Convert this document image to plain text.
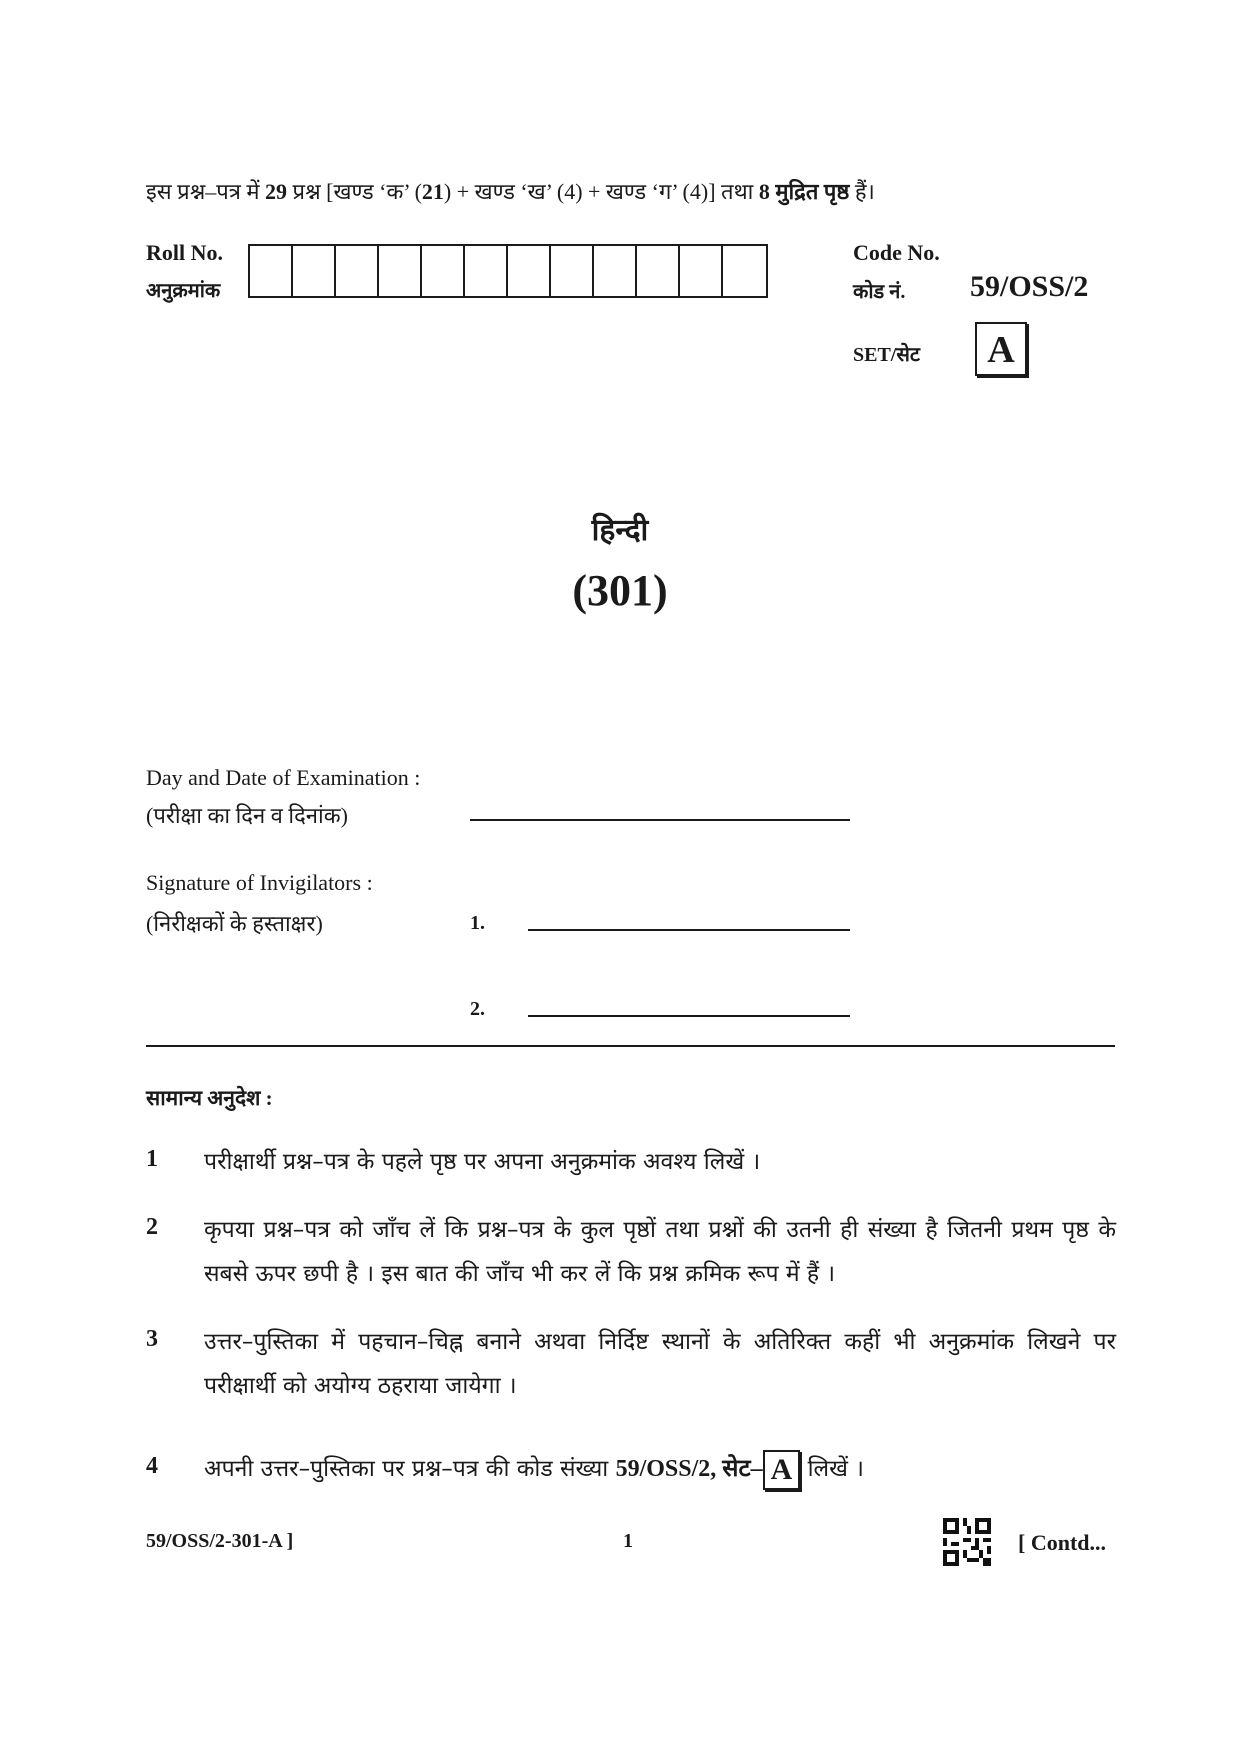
इस प्रश्न–पत्र में 29 प्रश्न [खण्ड ‘क’ (21) + खण्ड ‘ख’ (4) + खण्ड ‘ग’ (4)] तथा 8 मुद्रित पृष्ठ हैं।
Roll No.
अनुक्रमांक
Code No.
कोड नं. 59/OSS/2
SET/सेट	A
हिन्दी
(301)
Day and Date of Examination :
(परीक्षा का दिन व दिनांक)
Signature of Invigilators :
(निरीक्षकों के हस्ताक्षर)	1.
2.
सामान्य अनुदेश :
1 परीक्षार्थी प्रश्न–पत्र के पहले पृष्ठ पर अपना अनुक्रमांक अवश्य लिखें ।
2 कृपया प्रश्न–पत्र को जाँच लें कि प्रश्न–पत्र के कुल पृष्ठों तथा प्रश्नों की उतनी ही संख्या है जितनी प्रथम पृष्ठ के सबसे ऊपर छपी है । इस बात की जाँच भी कर लें कि प्रश्न क्रमिक रूप में हैं ।
3 उत्तर–पुस्तिका में पहचान–चिह्न बनाने अथवा निर्दिष्ट स्थानों के अतिरिक्त कहीं भी अनुक्रमांक लिखने पर परीक्षार्थी को अयोग्य ठहराया जायेगा ।
4 अपनी उत्तर–पुस्तिका पर प्रश्न–पत्र की कोड संख्या 59/OSS/2, सेट– A लिखें ।
59/OSS/2-301-A ]	1	[ Contd...
